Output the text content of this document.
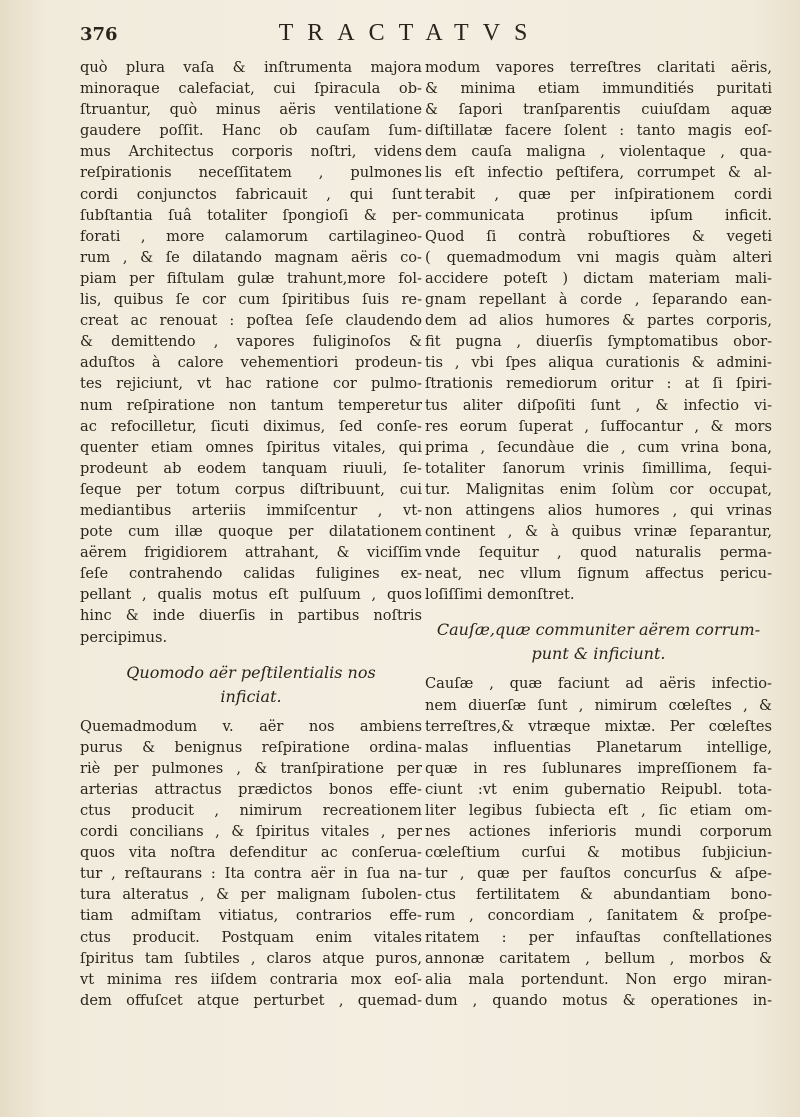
376	TRACTATVS
quò plura vaſa & inſtrumenta majora
minoraque calefaciat, cui ſpiracula ob-
ſtruantur, quò minus aëris ventilatione
gaudere poſſit. Hanc ob cauſam ſum-
mus Architectus corporis noſtri, videns
reſpirationis neceſſitatem , pulmones
cordi conjunctos fabricauit , qui ſunt
ſubſtantia ſuâ totaliter ſpongioſi & per-
forati , more calamorum cartilagineo-
rum , & ſe dilatando magnam aëris co-
piam per fiſtulam gulæ trahunt,more fol-
lis, quibus ſe cor cum ſpiritibus ſuis re-
creat ac renouat : poſtea ſeſe claudendo
& demittendo , vapores fuliginoſos &
aduſtos à calore vehementiori prodeun-
tes rejiciunt, vt hac ratione cor pulmo-
num reſpiratione non tantum temperetur
ac refocilletur, ſicuti diximus, ſed conſe-
quenter etiam omnes ſpiritus vitales, qui
prodeunt ab eodem tanquam riuuli, ſe-
ſeque per totum corpus diſtribuunt, cui
mediantibus arteriis immiſcentur , vt-
pote cum illæ quoque per dilatationem
aërem frigidiorem attrahant, & viciſſim
ſeſe contrahendo calidas fuligines ex-
pellant , qualis motus eſt pulſuum , quos
hinc & inde diuerſis in partibus noſtris
percipimus.
Quomodo aër peſtilentialis nos
inficiat.
Quemadmodum v. aër nos ambiens
purus & benignus reſpiratione ordina-
riè per pulmones , & tranſpiratione per
arterias attractus prædictos bonos effe-
ctus producit , nimirum recreationem
cordi concilians , & ſpiritus vitales , per
quos vita noſtra defenditur ac conſerua-
tur , reſtaurans : Ita contra aër in ſua na-
tura alteratus , & per malignam ſubolen-
tiam admiſtam vitiatus, contrarios effe-
ctus producit. Postquam enim vitales
ſpiritus tam ſubtiles , claros atque puros,
vt minima res iiſdem contraria mox eoſ-
dem offuſcet atque perturbet , quemad-
modum vapores terreſtres claritati aëris,
& minima etiam immunditiés puritati
& ſapori tranſparentis cuiuſdam aquæ
diſtillatæ facere ſolent : tanto magis eoſ-
dem cauſa maligna , violentaque , qua-
lis eſt infectio peſtifera, corrumpet & al-
terabit , quæ per inſpirationem cordi
communicata protinus ipſum inficit.
Quod ſi contrà robuſtiores & vegeti
( quemadmodum vni magis quàm alteri
accidere poteſt ) dictam materiam mali-
gnam repellant à corde , ſeparando ean-
dem ad alios humores & partes corporis,
fit pugna , diuerſis ſymptomatibus obor-
tis , vbi ſpes aliqua curationis & admini-
ſtrationis remediorum oritur : at ſi ſpiri-
tus aliter diſpoſiti ſunt , & infectio vi-
res eorum ſuperat , ſuffocantur , & mors
prima , ſecundàue die , cum vrina bona,
totaliter ſanorum vrinis ſimillima, ſequi-
tur. Malignitas enim ſolùm cor occupat,
non attingens alios humores , qui vrinas
continent , & à quibus vrinæ ſeparantur,
vnde ſequitur , quod naturalis perma-
neat, nec vllum ſignum affectus pericu-
loſiſſimi demonſtret.
Cauſæ,quæ communiter aërem corrum-
punt & inficiunt.
Cauſæ , quæ faciunt ad aëris infectio-
nem diuerſæ ſunt , nimirum cœleſtes , &
terreſtres,& vtræque mixtæ. Per cœleſtes
malas influentias Planetarum intellige,
quæ in res ſublunares impreſſionem fa-
ciunt :vt enim gubernatio Reipubl. tota-
liter legibus ſubiecta eſt , ſic etiam om-
nes actiones inferioris mundi corporum
cœleſtium curſui & motibus ſubjiciun-
tur , quæ per fauſtos concurſus & aſpe-
ctus fertilitatem & abundantiam bono-
rum , concordiam , ſanitatem & proſpe-
ritatem : per infauſtas conſtellationes
annonæ caritatem , bellum , morbos &
alia mala portendunt. Non ergo miran-
dum , quando motus & operationes in-
